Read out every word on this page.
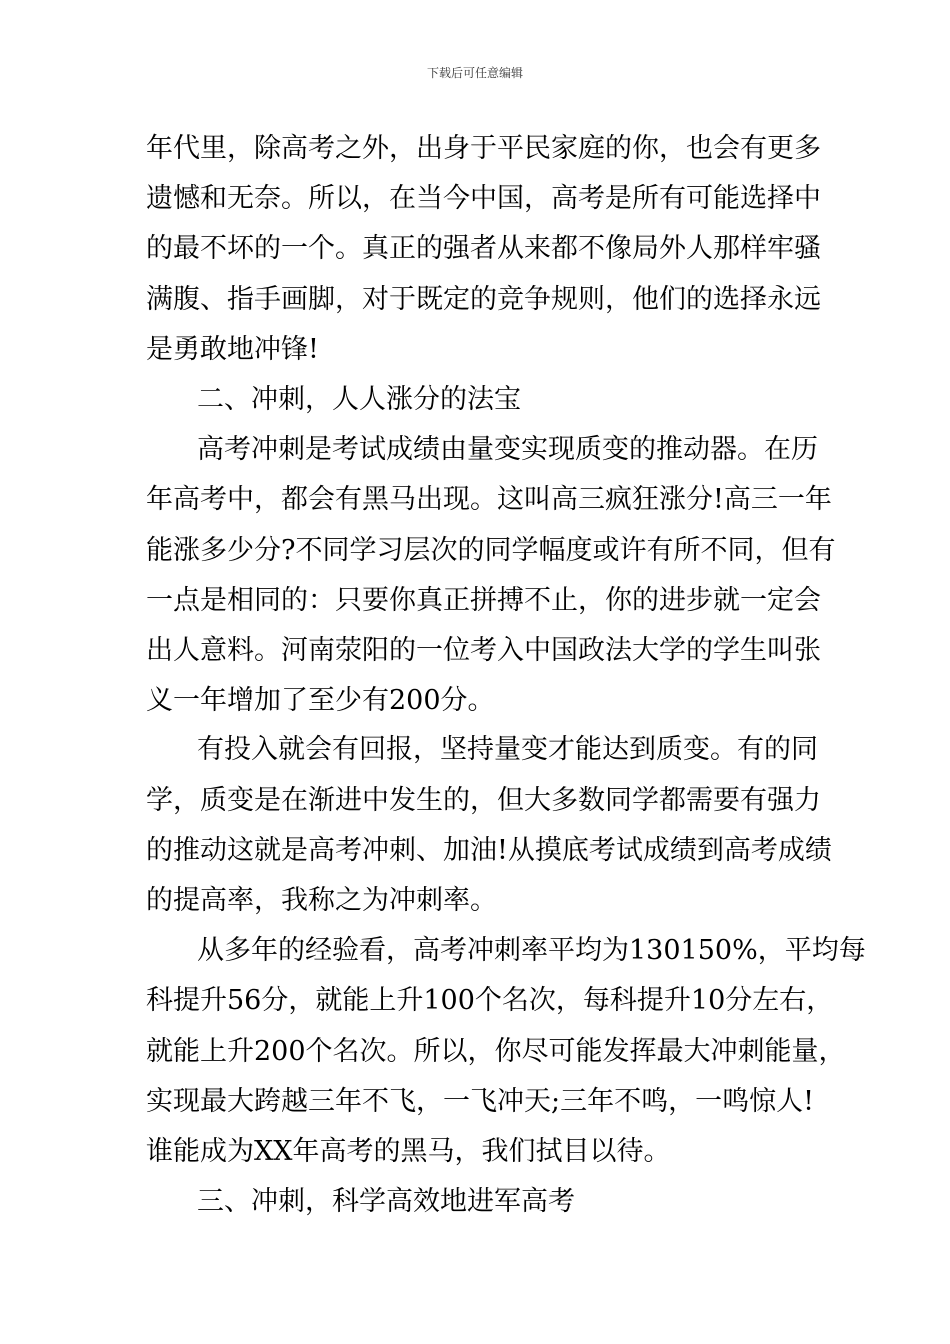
下载后可任意编辑
年代里，除高考之外，出身于平民家庭的你，也会有更多
遗憾和无奈。所以，在当今中国，高考是所有可能选择中
的最不坏的一个。真正的强者从来都不像局外人那样牢骚
满腹、指手画脚，对于既定的竞争规则，他们的选择永远
是勇敢地冲锋!
二、冲刺，人人涨分的法宝
高考冲刺是考试成绩由量变实现质变的推动器。在历
年高考中，都会有黑马出现。这叫高三疯狂涨分!高三一年
能涨多少分?不同学习层次的同学幅度或许有所不同，但有
一点是相同的：只要你真正拼搏不止，你的进步就一定会
出人意料。河南荥阳的一位考入中国政法大学的学生叫张
义一年增加了至少有200分。
有投入就会有回报，坚持量变才能达到质变。有的同
学，质变是在渐进中发生的，但大多数同学都需要有强力
的推动这就是高考冲刺、加油!从摸底考试成绩到高考成绩
的提高率，我称之为冲刺率。
从多年的经验看，高考冲刺率平均为130150%，平均每
科提升56分，就能上升100个名次，每科提升10分左右，
就能上升200个名次。所以，你尽可能发挥最大冲刺能量，
实现最大跨越三年不飞，一飞冲天;三年不鸣，一鸣惊人!
谁能成为XX年高考的黑马，我们拭目以待。
三、冲刺，科学高效地进军高考
